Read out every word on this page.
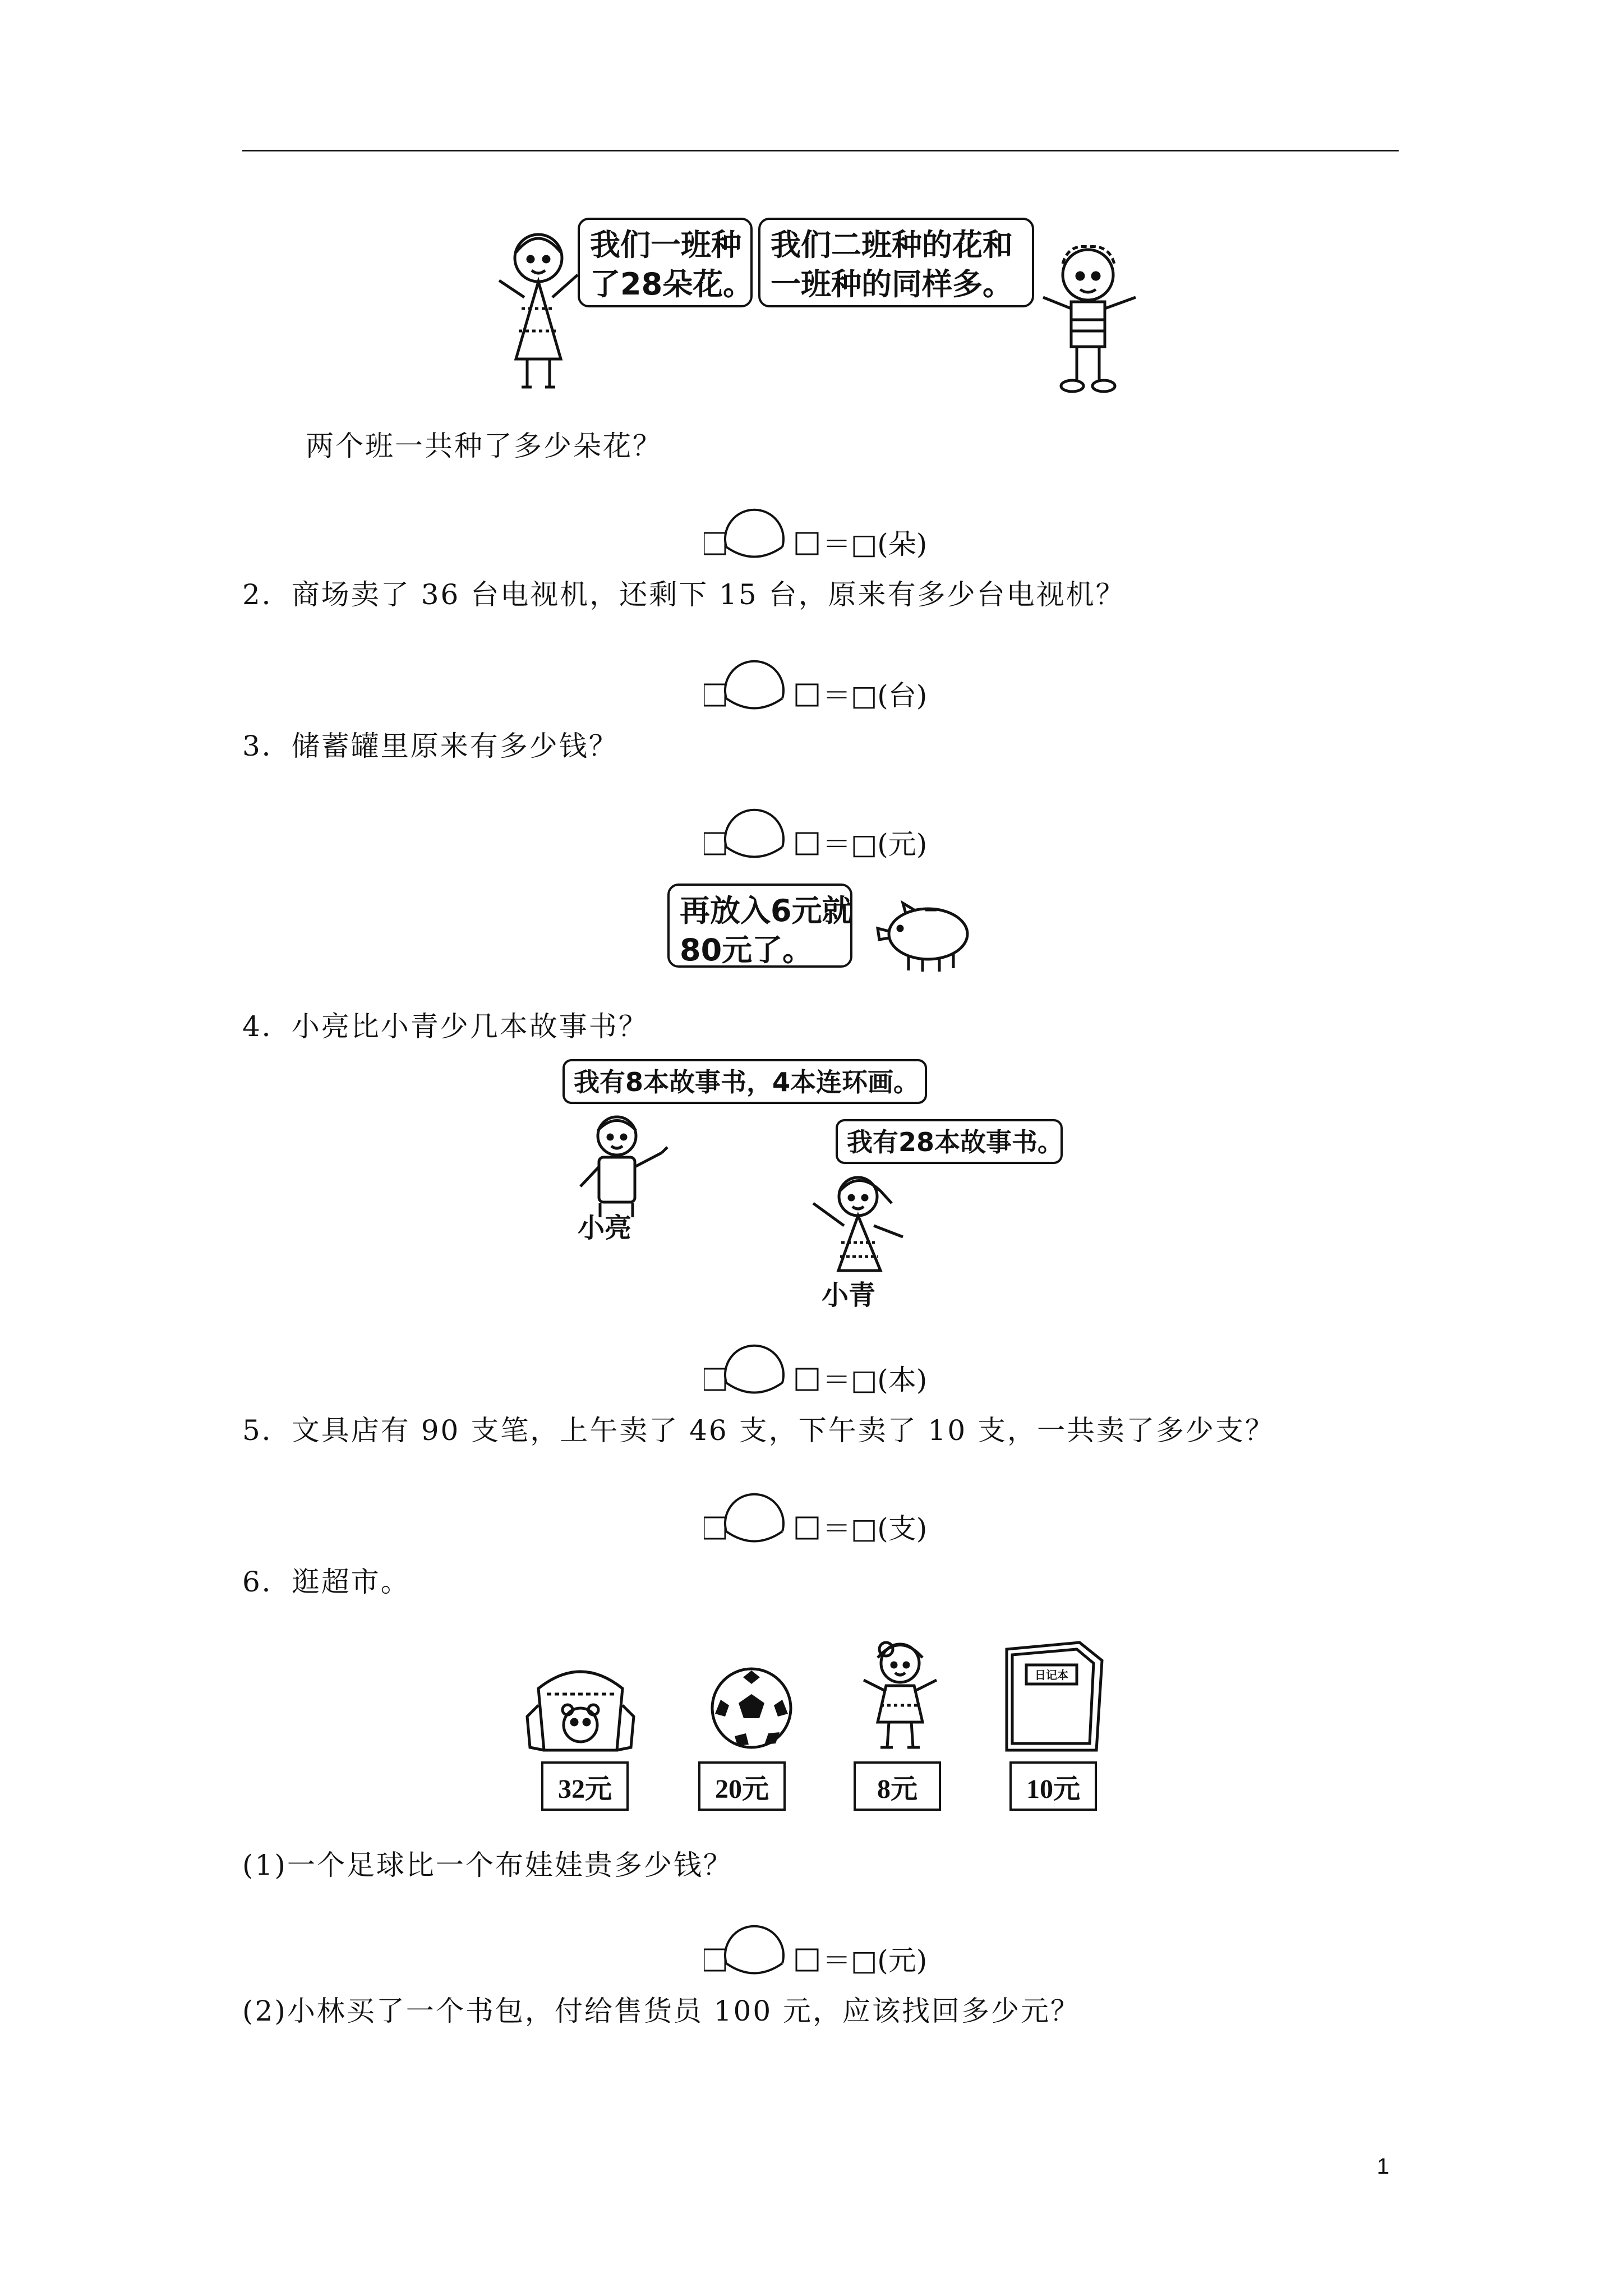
我们一班种
了28朵花。
我们二班种的花和
一班种的同样多。
两个班一共种了多少朵花？
＝□(朵)
2．商场卖了 36 台电视机，还剩下 15 台，原来有多少台电视机？
＝□(台)
3．储蓄罐里原来有多少钱？
＝□(元)
再放入6元就
80元了。
4．小亮比小青少几本故事书？
我有8本故事书，4本连环画。
小亮
我有28本故事书。
小青
＝□(本)
5．文具店有 90 支笔，上午卖了 46 支，下午卖了 10 支，一共卖了多少支？
＝□(支)
6．逛超市。
日记本
32元	20元	8元	10元
(1)一个足球比一个布娃娃贵多少钱？
＝□(元)
(2)小林买了一个书包，付给售货员 100 元，应该找回多少元？
1
